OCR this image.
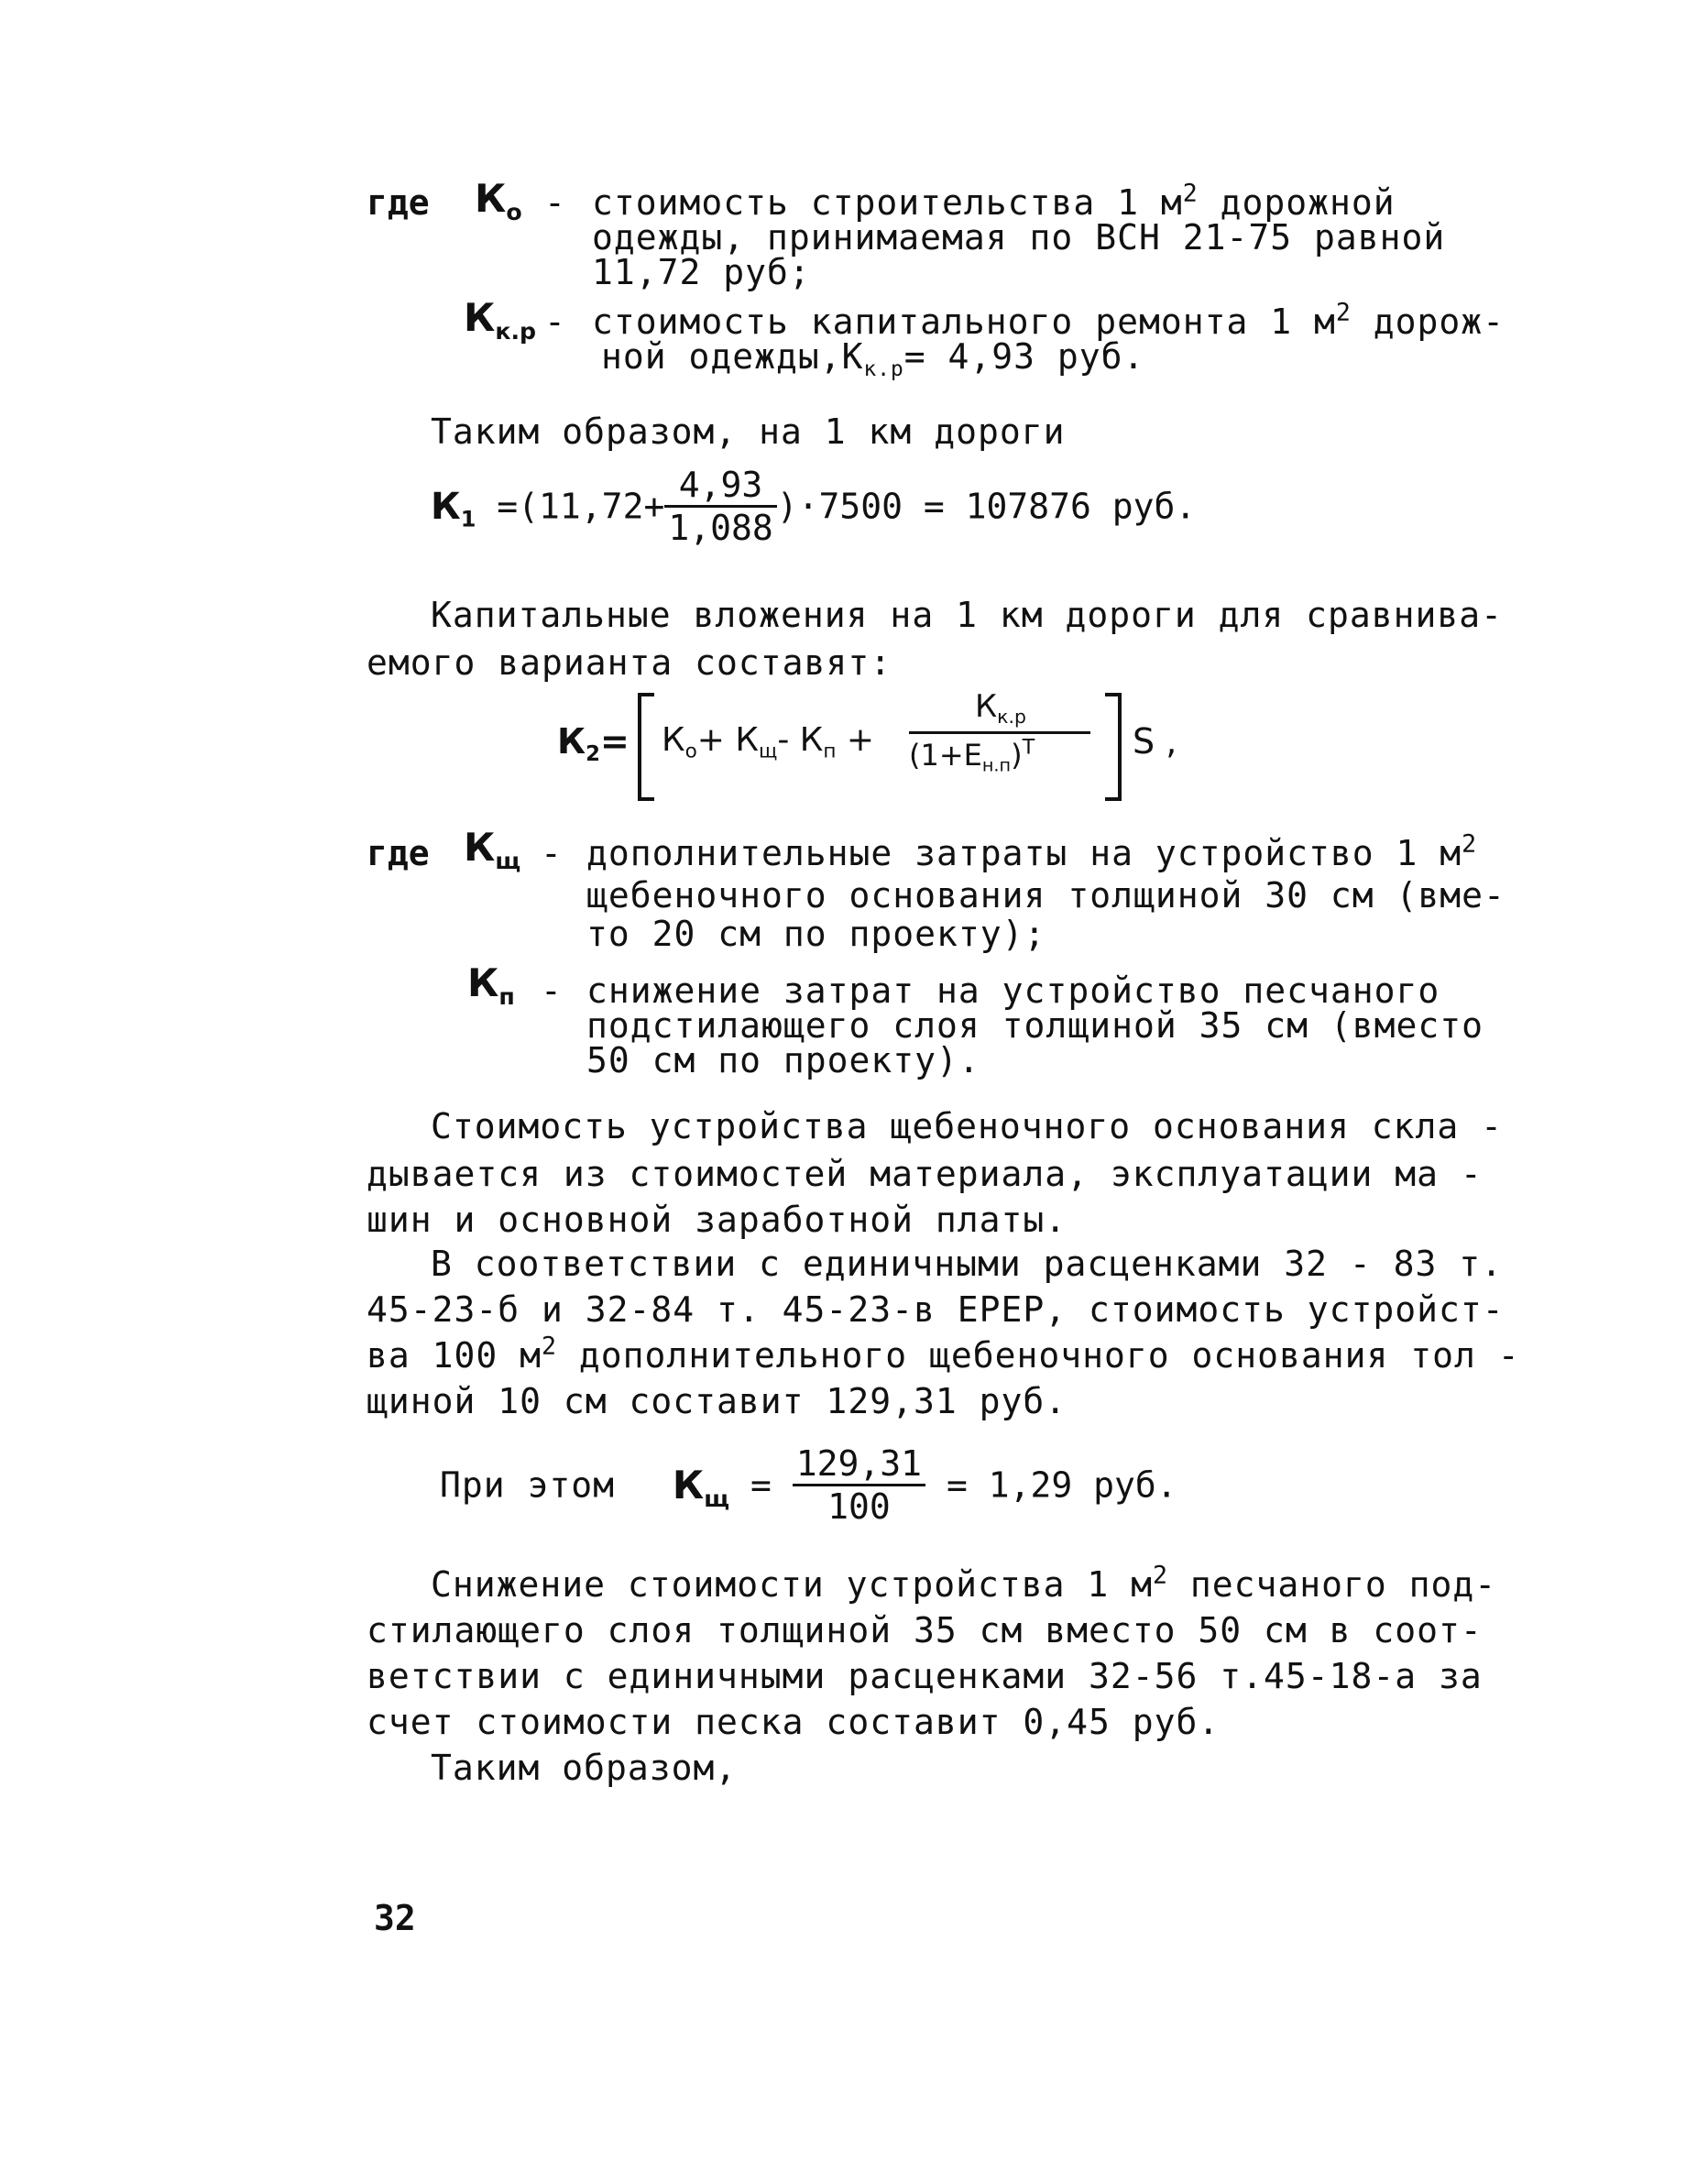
где $К_о$ - стоимость строительства 1 $м^2$ дорожной
одежды, принимаемая по ВСН 21-75 равной
11,72 руб;
$К_{к.р}$ - стоимость капитального ремонта 1 $м^2$ дорож-
ной $одежды,К_{к.р}= 4,93$ руб.
Таким образом, на 1 км дороги
$К_1 =(11,72+ \frac{4,93}{1,088} )\cdot 7500 = 107876$ руб.
Капитальные вложения на 1 км дороги для сравнива-
емого варианта составят:
$К_2= К_о+ К_щ-$ $К_п$ +
$К_{к.р}$
$(1+Е_{н.п})^Т$	S ,
где $К_щ$ - дополнительные затраты на устройство 1 $м^2$
щебеночного основания толщиной 30 см (вме-
то 20 см по проекту);
$К_п$ - снижение затрат на устройство песчаного
подстилающего слоя толщиной 35 см (вместо
50 см по проекту).
Стоимость устройства щебеночного основания скла -
дывается из стоимостей материала, эксплуатации ма -
шин и основной заработной платы.
В соответствии с единичными расценками 32 - 83 т.
45-23-б и 32-84 т. 45-23-в ЕРЕР, стоимость устройст-
ва 100 $м^2$ дополнительного щебеночного основания тол -
щиной 10 см составит 129,31 руб.
При этом $К_щ = \frac{129,31}{100} = 1,29$ руб.
Снижение стоимости устройства 1 $м^2$ песчаного под-
стилающего слоя толщиной 35 см вместо 50 см в соот-
ветствии с единичными расценками 32-56 т.45-18-а за
счет стоимости песка составит 0,45 руб.
Таким образом,
32
